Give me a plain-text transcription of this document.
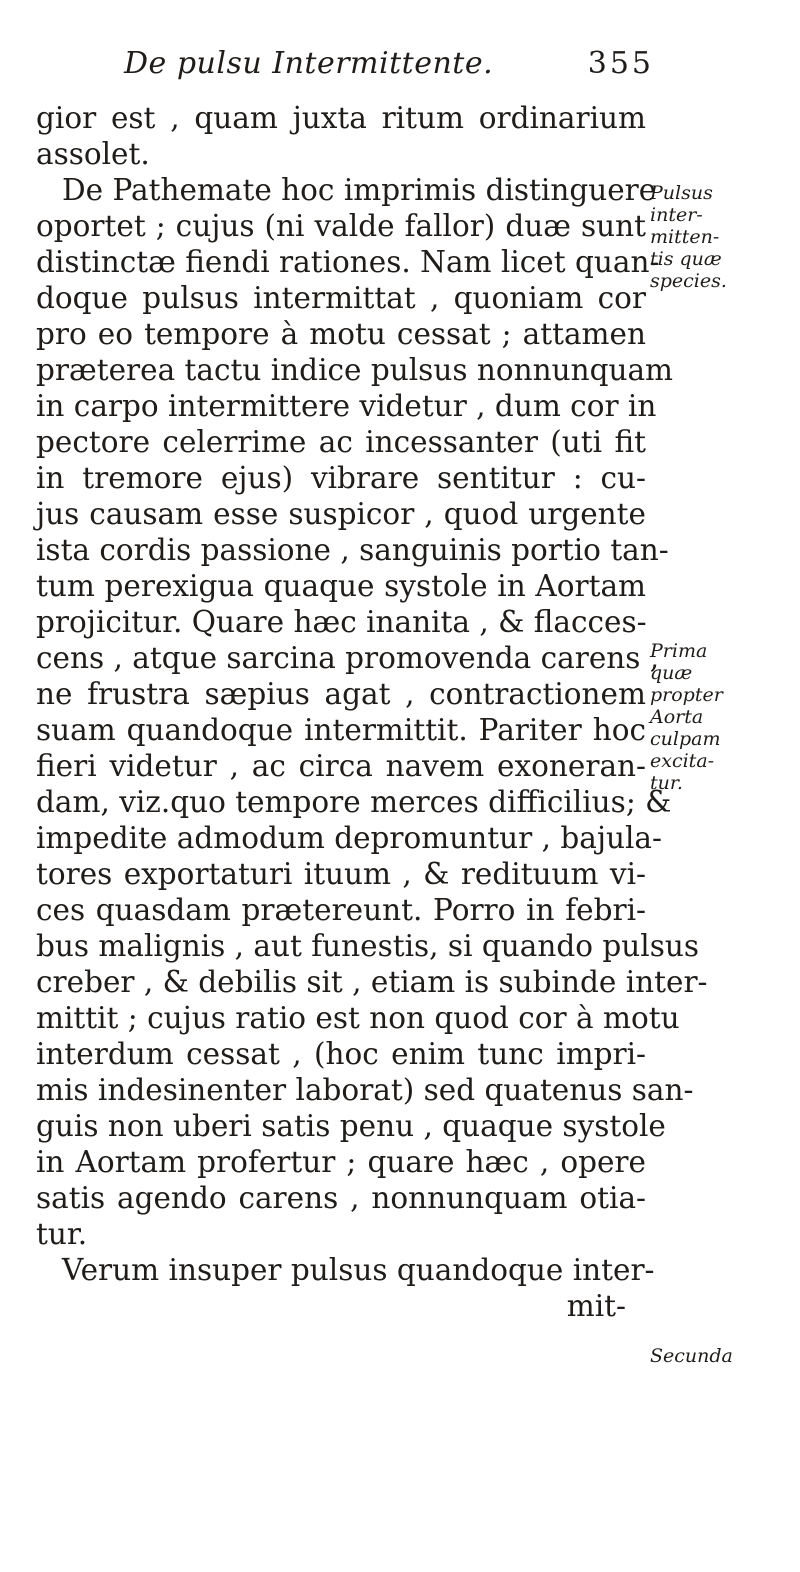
De pulsu Intermittente.	355
gior est , quam juxta ritum ordinarium
assolet.
De Pathemate hoc imprimis distinguere
oportet ; cujus (ni valde fallor) duæ sunt
distinctæ fiendi rationes. Nam licet quan-
doque pulsus intermittat , quoniam cor
pro eo tempore à motu cessat ; attamen
præterea tactu indice pulsus nonnunquam
in carpo intermittere videtur , dum cor in
pectore celerrime ac incessanter (uti fit
in tremore ejus) vibrare sentitur : cu-
jus causam esse suspicor , quod urgente
ista cordis passione , sanguinis portio tan-
tum perexigua quaque systole in Aortam
projicitur. Quare hæc inanita , & flacces-
cens , atque sarcina promovenda carens ,
ne frustra sæpius agat , contractionem
suam quandoque intermittit. Pariter hoc
fieri videtur , ac circa navem exoneran-
dam, viz.quo tempore merces difficilius; &
impedite admodum depromuntur , bajula-
tores exportaturi ituum , & redituum vi-
ces quasdam prætereunt. Porro in febri-
bus malignis , aut funestis, si quando pulsus
creber , & debilis sit , etiam is subinde inter-
mittit ; cujus ratio est non quod cor à motu
interdum cessat , (hoc enim tunc impri-
mis indesinenter laborat) sed quatenus san-
guis non uberi satis penu , quaque systole
in Aortam profertur ; quare hæc , opere
satis agendo carens , nonnunquam otia-
tur.
Verum insuper pulsus quandoque inter-
mit-
Pulsus
inter-
mitten-
tis quæ
species.
Prima
quæ
propter
Aorta
culpam
excita-
tur.
Secunda
